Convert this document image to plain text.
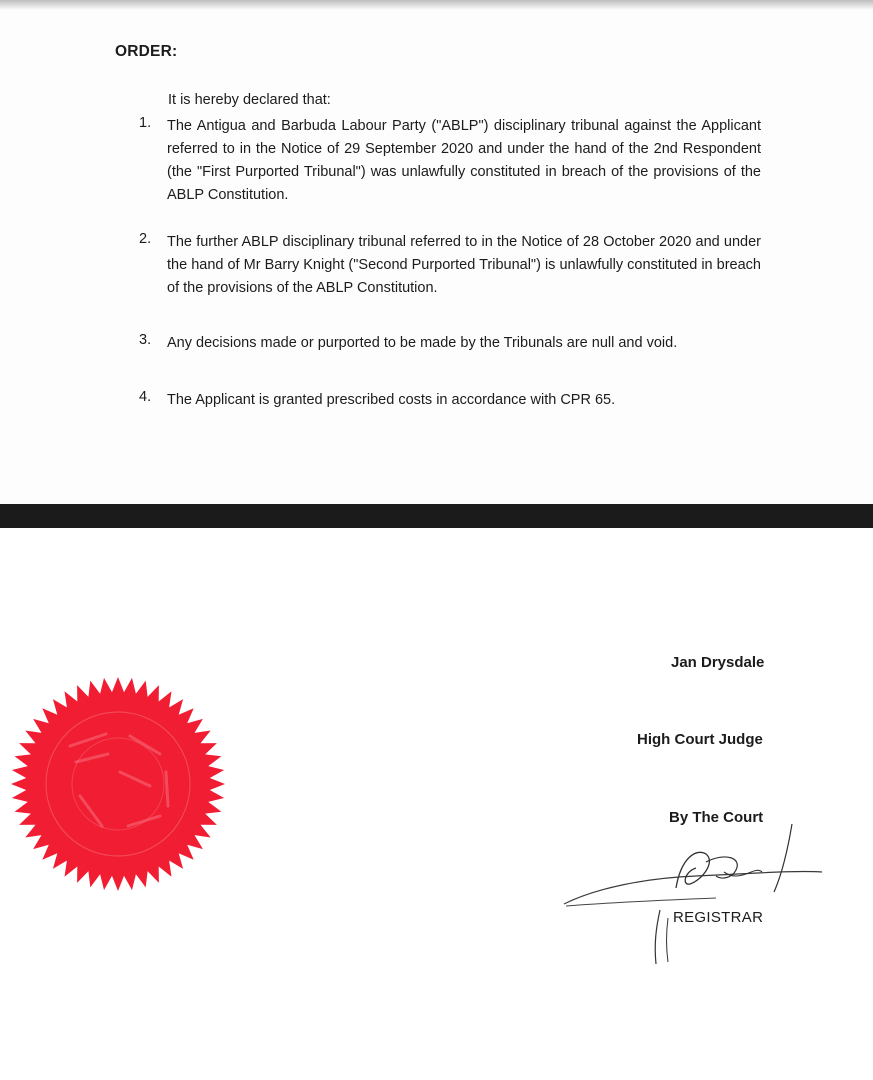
ORDER:
It is hereby declared that:
1. The Antigua and Barbuda Labour Party ("ABLP") disciplinary tribunal against the Applicant referred to in the Notice of 29 September 2020 and under the hand of the 2nd Respondent (the "First Purported Tribunal") was unlawfully constituted in breach of the provisions of the ABLP Constitution.
2. The further ABLP disciplinary tribunal referred to in the Notice of 28 October 2020 and under the hand of Mr Barry Knight ("Second Purported Tribunal") is unlawfully constituted in breach of the provisions of the ABLP Constitution.
3. Any decisions made or purported to be made by the Tribunals are null and void.
4. The Applicant is granted prescribed costs in accordance with CPR 65.
Jan Drysdale
High Court Judge
By The Court
REGISTRAR
